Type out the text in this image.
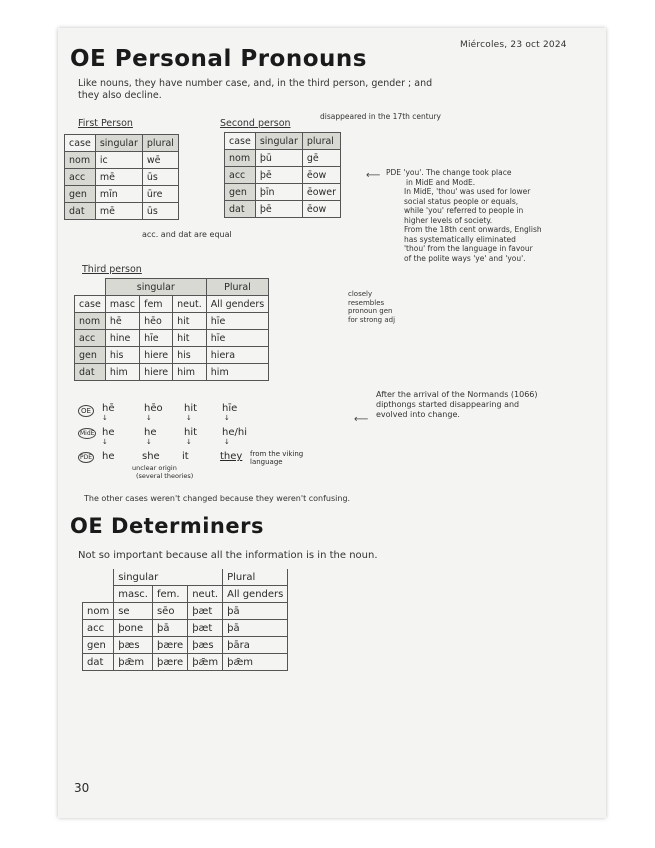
Miércoles, 23 oct 2024
OE Personal Pronouns
Like nouns, they have number case, and, in the third person, gender ; and
they also decline.
First Person
case	singular	plural
nom	ic	wē
acc	mē	ūs
gen	mīn	ūre
dat	mē	ūs
Second person
disappeared in the 17th century
case	singular	plural
nom	þū	gē
acc	þē	ēow
gen	þīn	ēower
dat	þē	ēow
⟵ PDE 'you'. The change took place
in MidE and ModE.
In MidE, 'thou' was used for lower
social status people or equals,
while 'you' referred to people in
higher levels of society.
From the 18th cent onwards, English
has systematically eliminated
'thou' from the language in favour
of the polite ways 'ye' and 'you'.
acc. and dat are equal
Third person
	singular			Plural
case	masc	fem	neut.	All genders
nom	hē	hēo	hit	hīe
acc	hine	hīe	hit	hīe
gen	his	hiere	his	hiera
dat	him	hiere	him	him
closely
resembles
pronoun gen
for strong adj
OE	hē	hēo hit hīe
↓	↓	↓	↓
MidE he	he	hit he/hi
↓	↓	↓	↓
PDE he	she it	they from the viking language
unclear origin
(several theories)
⟵
After the arrival of the Normands (1066)
dipthongs started disappearing and
evolved into change.
The other cases weren't changed because they weren't confusing.
OE Determiners
Not so important because all the information is in the noun.
	singular			Plural
	masc.	fem.	neut.	All genders
nom	se	sēo	þæt	þā
acc	þone	þā	þæt	þā
gen	þæs	þære	þæs	þāra
dat	þǣm	þære	þǣm	þǣm
30
